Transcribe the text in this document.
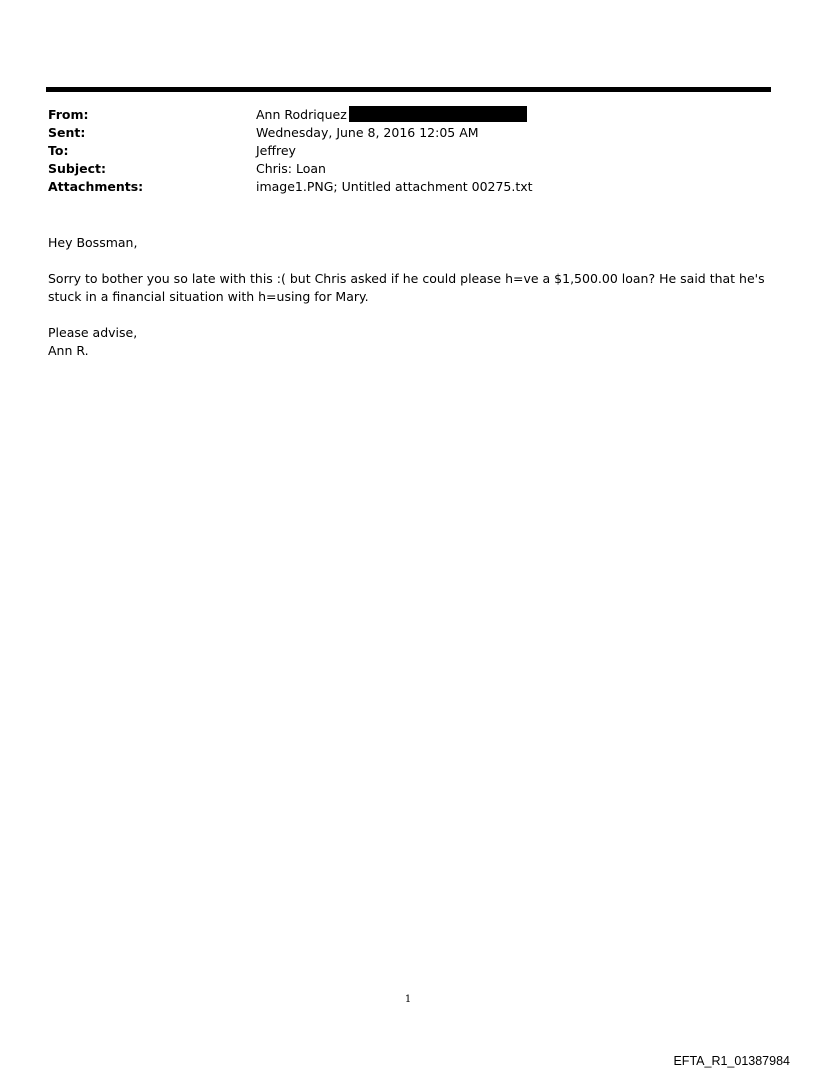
From:	Ann Rodriquez
Sent:	Wednesday, June 8, 2016 12:05 AM
To:	Jeffrey
Subject:	Chris: Loan
Attachments:	image1.PNG; Untitled attachment 00275.txt

Hey Bossman,

Sorry to bother you so late with this :( but Chris asked if he could please h=ve a $1,500.00 loan? He said that he's stuck in a financial situation with h=using for Mary.

Please advise,

Ann R.

1
EFTA_R1_01387984
